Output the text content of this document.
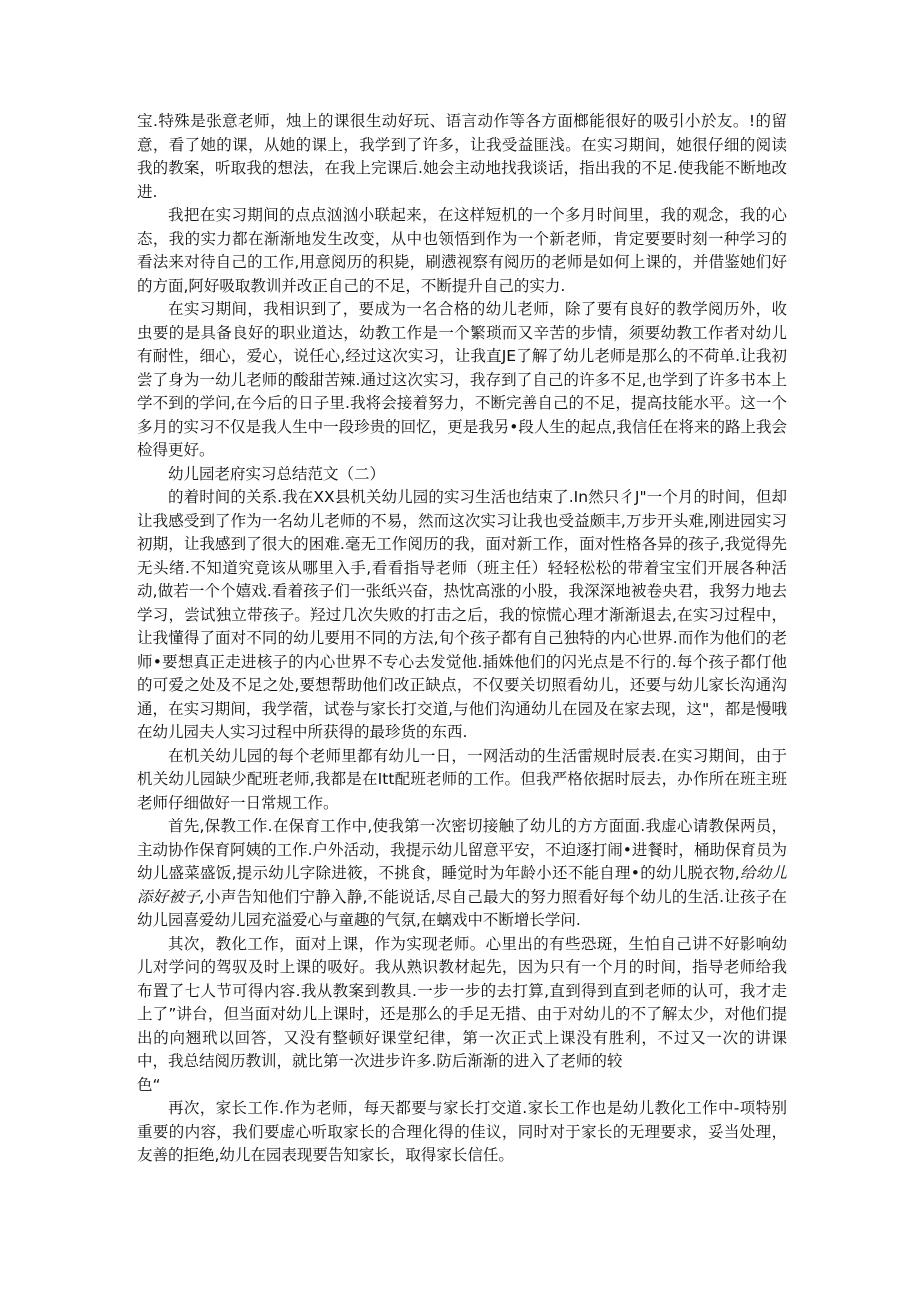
宝.特殊是张意老师，烛上的课很生动好玩、语言动作等各方面榔能很好的吸引小於友。!的留意，看了她的课，从她的课上，我学到了许多，让我受益匪浅。在实习期间，她很仔细的阅读我的教案，听取我的想法，在我上完课后.她会主动地找我谈话，指出我的不足.使我能不断地改进.

我把在实习期间的点点汹汹小联起来，在这样短机的一个多月时间里，我的观念，我的心态，我的实力都在渐渐地发生改变，从中也领悟到作为一个新老师，肯定要要时刻一种学习的看法来对待自己的工作,用意阅历的积毙，刷懑视察有阅历的老师是如何上课的，并借鉴她们好的方面,阿好吸取教训并改正自己的不足，不断提升自己的实力.

在实习期间，我相识到了，要成为一名合格的幼儿老师，除了要有良好的教学阅历外，收虫要的是具备良好的职业道达，幼教工作是一个繁琐而又辛苦的步情，须要幼教工作者对幼儿有耐性，细心，爱心，说任心,经过这次实习，让我直JE了解了幼儿老师是那么的不荷单.让我初尝了身为一幼儿老师的酸甜苦辣.通过这次实习，我存到了自己的许多不足,也学到了许多书本上学不到的学问,在今后的日子里.我将会接着努力，不断完善自己的不足，提高技能水平。这一个多月的实习不仅是我人生中一段珍贵的回忆，更是我另•段人生的起点,我信任在将来的路上我会检得更好。

幼儿园老府实习总结范文（二）

的着时间的关系.我在XX县机关幼儿园的实习生活也结束了.In然只彳J"一个月的时间，但却让我感受到了作为一名幼儿老师的不易，然而这次实习让我也受益颇丰,万步开头难,刚进园实习初期，让我感到了很大的困难.毫无工作阅历的我，面对新工作，面对性格各异的孩子,我觉得先无头绪.不知道究竟该从哪里入手,看看指导老师（班主任）轻轻松松的带着宝宝们开展各种活动,做若一个个嬉戏.看着孩子们一张纸兴奋，热忱高涨的小股，我深深地被卷央君，我努力地去学习，尝试独立带孩子。羟过几次失败的打击之后，我的惊慌心理才渐渐退去,在实习过程中，让我懂得了面对不同的幼儿要用不同的方法,旬个孩子都有自己独特的内心世界.而作为他们的老师•要想真正走进核子的内心世界不专心去发觉他.插姝他们的闪光点是不行的.每个孩子都仃他的可爱之处及不足之处,要想帮助他们改正缺点，不仅要关切照看幼儿，还要与幼儿家长沟通沟通，在实习期间，我学蓿，试卷与家长打交道,与他们沟通幼儿在园及在家去现，这"，都是慢哦在幼儿园夫人实习过程中所获得的最珍货的东西.

在机关幼儿园的每个老师里都有幼儿一日，一网活动的生活雷规时辰表.在实习期间，由于机关幼儿园缺少配班老师,我都是在Itt配班老师的工作。但我严格依据时辰去，办作所在班主班老师仔细做好一日常规工作。

首先,保教工作.在保育工作中,使我第一次密切接触了幼儿的方方面面.我虚心请教保两员，主动协作保育阿姨的工作.户外活动，我提示幼儿留意平安，不迫逐打闹•进餐时，桶助保育员为幼儿盛菜盛饭,提示幼儿字除进筱，不挑食，睡觉时为年龄小还不能自理•的幼儿脱衣物,给幼儿添好被子,小声告知他们宁静入静,不能说话,尽自己最大的努力照看好每个幼儿的生活.让孩子在幼儿园喜爱幼儿园充溢爱心与童趣的气氛,在螭戏中不断增长学问.

其次，教化工作，面对上课，作为实现老师。心里出的有些恐斑，生怕自己讲不好影响幼儿对学问的驾驭及时上课的吸好。我从熟识教材起先，因为只有一个月的时间，指导老师给我布置了七人节可得内容.我从教案到教具.一步一步的去打算,直到得到直到老师的认可，我才走上了”讲台，但当面对幼儿上课时，还是那么的手足无措、由于对幼儿的不了解太少，对他们提出的向翘玳以回答，又没有整顿好课堂纪律，第一次正式上课没有胜利，不过又一次的讲课中，我总结阅历教训，就比第一次进步许多.防后渐渐的进入了老师的较

色“

再次，家长工作.作为老师，每天都要与家长打交道.家长工作也是幼儿教化工作中-项特别重要的内容，我们要虚心听取家长的合理化得的佳议，同时对于家长的无理要求，妥当处理，友善的拒绝,幼儿在园表现要告知家长，取得家长信任。
